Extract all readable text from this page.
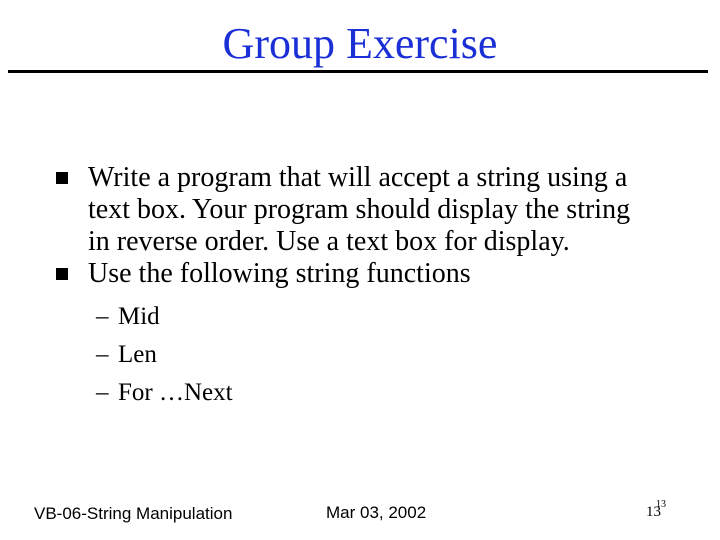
Group Exercise
Write a program that will accept a string using a text box. Your program should display the string in reverse order. Use a text box for display.
Use the following string functions
– Mid
– Len
– For …Next
VB-06-String Manipulation	Mar 03, 2002	13
13
